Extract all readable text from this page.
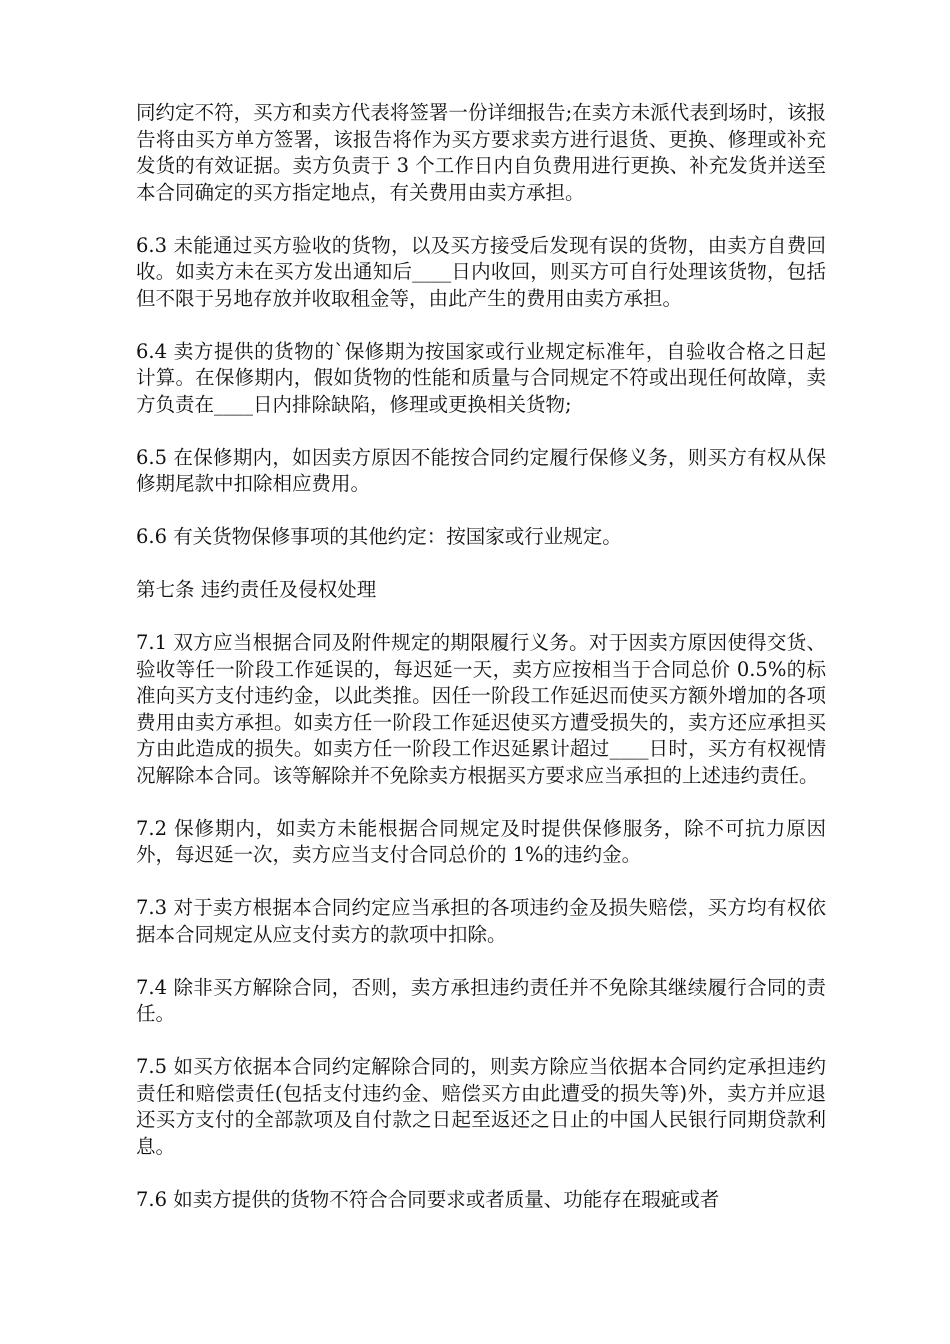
同约定不符，买方和卖方代表将签署一份详细报告;在卖方未派代表到场时，该报告将由买方单方签署，该报告将作为买方要求卖方进行退货、更换、修理或补充发货的有效证据。卖方负责于 3 个工作日内自负费用进行更换、补充发货并送至本合同确定的买方指定地点，有关费用由卖方承担。

6.3 未能通过买方验收的货物，以及买方接受后发现有误的货物，由卖方自费回收。如卖方未在买方发出通知后____日内收回，则买方可自行处理该货物，包括但不限于另地存放并收取租金等，由此产生的费用由卖方承担。

6.4 卖方提供的货物的`保修期为按国家或行业规定标准年，自验收合格之日起计算。在保修期内，假如货物的性能和质量与合同规定不符或出现任何故障，卖方负责在____日内排除缺陷，修理或更换相关货物;

6.5 在保修期内，如因卖方原因不能按合同约定履行保修义务，则买方有权从保修期尾款中扣除相应费用。

6.6 有关货物保修事项的其他约定：按国家或行业规定。

第七条 违约责任及侵权处理

7.1 双方应当根据合同及附件规定的期限履行义务。对于因卖方原因使得交货、验收等任一阶段工作延误的，每迟延一天，卖方应按相当于合同总价 0.5%的标准向买方支付违约金，以此类推。因任一阶段工作延迟而使买方额外增加的各项费用由卖方承担。如卖方任一阶段工作延迟使买方遭受损失的，卖方还应承担买方由此造成的损失。如卖方任一阶段工作迟延累计超过____日时，买方有权视情况解除本合同。该等解除并不免除卖方根据买方要求应当承担的上述违约责任。

7.2 保修期内，如卖方未能根据合同规定及时提供保修服务，除不可抗力原因外，每迟延一次，卖方应当支付合同总价的 1%的违约金。

7.3 对于卖方根据本合同约定应当承担的各项违约金及损失赔偿，买方均有权依据本合同规定从应支付卖方的款项中扣除。

7.4 除非买方解除合同，否则，卖方承担违约责任并不免除其继续履行合同的责任。

7.5 如买方依据本合同约定解除合同的，则卖方除应当依据本合同约定承担违约责任和赔偿责任(包括支付违约金、赔偿买方由此遭受的损失等)外，卖方并应退还买方支付的全部款项及自付款之日起至返还之日止的中国人民银行同期贷款利息。

7.6 如卖方提供的货物不符合合同要求或者质量、功能存在瑕疵或者
